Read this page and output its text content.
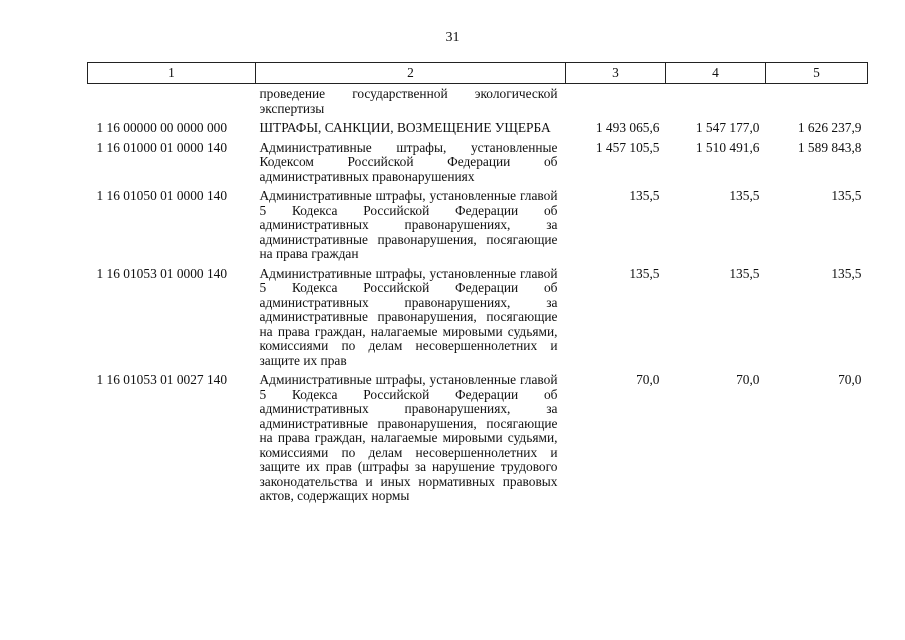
31
1	2	3	4	5
	проведение государственной экологической экспертизы			
1 16 00000 00 0000 000	ШТРАФЫ, САНКЦИИ, ВОЗМЕЩЕНИЕ УЩЕРБА	1 493 065,6	1 547 177,0	1 626 237,9
1 16 01000 01 0000 140	Административные штрафы, установленные Кодексом Российской Федерации об административных правонарушениях	1 457 105,5	1 510 491,6	1 589 843,8
1 16 01050 01 0000 140	Административные штрафы, установленные главой 5 Кодекса Российской Федерации об административных правонарушениях, за административные правонарушения, посягающие на права граждан	135,5	135,5	135,5
1 16 01053 01 0000 140	Административные штрафы, установленные главой 5 Кодекса Российской Федерации об административных правонарушениях, за административные правонарушения, посягающие на права граждан, налагаемые мировыми судьями, комиссиями по делам несовершеннолетних и защите их прав	135,5	135,5	135,5
1 16 01053 01 0027 140	Административные штрафы, установленные главой 5 Кодекса Российской Федерации об административных правонарушениях, за административные правонарушения, посягающие на права граждан, налагаемые мировыми судьями, комиссиями по делам несовершеннолетних и защите их прав (штрафы за нарушение трудового законодательства и иных нормативных правовых актов, содержащих нормы	70,0	70,0	70,0
